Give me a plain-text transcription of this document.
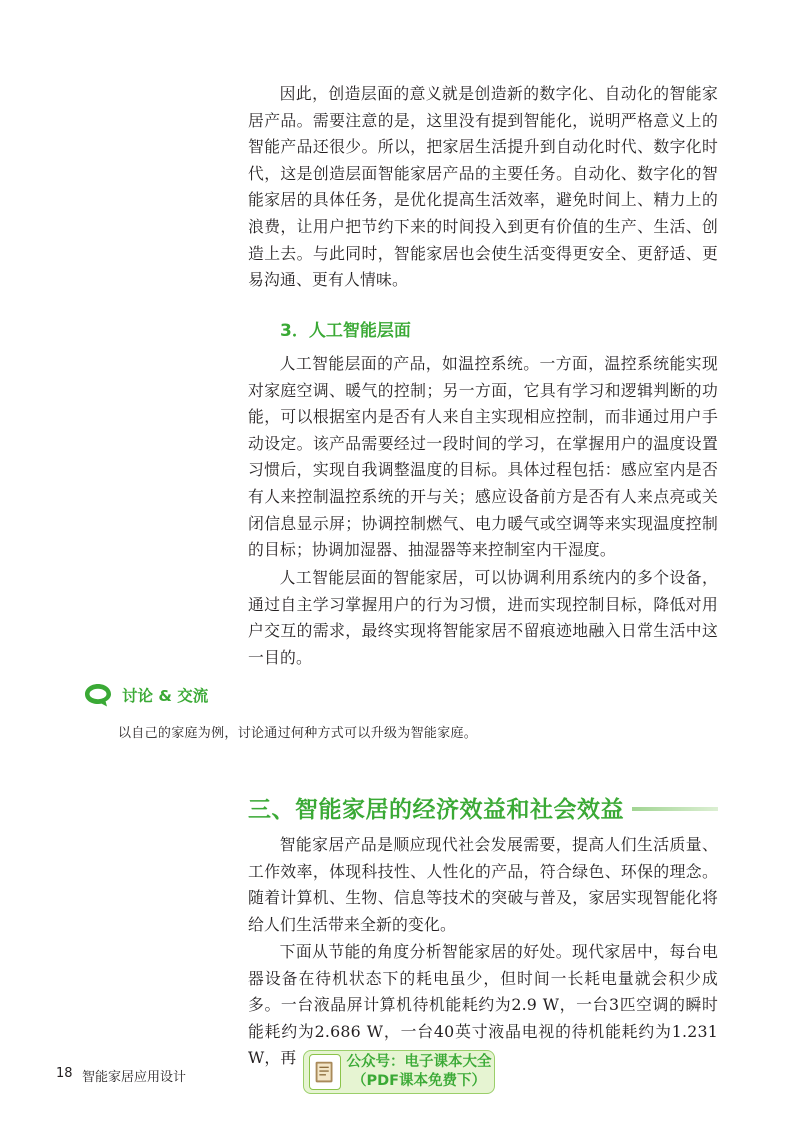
因此，创造层面的意义就是创造新的数字化、自动化的智能家居产品。需要注意的是，这里没有提到智能化，说明严格意义上的智能产品还很少。所以，把家居生活提升到自动化时代、数字化时代，这是创造层面智能家居产品的主要任务。自动化、数字化的智能家居的具体任务，是优化提高生活效率，避免时间上、精力上的浪费，让用户把节约下来的时间投入到更有价值的生产、生活、创造上去。与此同时，智能家居也会使生活变得更安全、更舒适、更易沟通、更有人情味。

3．人工智能层面

人工智能层面的产品，如温控系统。一方面，温控系统能实现对家庭空调、暖气的控制；另一方面，它具有学习和逻辑判断的功能，可以根据室内是否有人来自主实现相应控制，而非通过用户手动设定。该产品需要经过一段时间的学习，在掌握用户的温度设置习惯后，实现自我调整温度的目标。具体过程包括：感应室内是否有人来控制温控系统的开与关；感应设备前方是否有人来点亮或关闭信息显示屏；协调控制燃气、电力暖气或空调等来实现温度控制的目标；协调加湿器、抽湿器等来控制室内干湿度。

人工智能层面的智能家居，可以协调利用系统内的多个设备，通过自主学习掌握用户的行为习惯，进而实现控制目标，降低对用户交互的需求，最终实现将智能家居不留痕迹地融入日常生活中这一目的。

讨论 & 交流
以自己的家庭为例，讨论通过何种方式可以升级为智能家庭。
三、智能家居的经济效益和社会效益

智能家居产品是顺应现代社会发展需要，提高人们生活质量、工作效率，体现科技性、人性化的产品，符合绿色、环保的理念。随着计算机、生物、信息等技术的突破与普及，家居实现智能化将给人们生活带来全新的变化。

下面从节能的角度分析智能家居的好处。现代家居中，每台电器设备在待机状态下的耗电虽少，但时间一长耗电量就会积少成多。一台液晶屏计算机待机能耗约为2.9 W，一台3匹空调的瞬时能耗约为2.686 W，一台40英寸液晶电视的待机能耗约为1.231 W，再

18 智能家居应用设计
公众号：电子课本大全
（PDF课本免费下）
